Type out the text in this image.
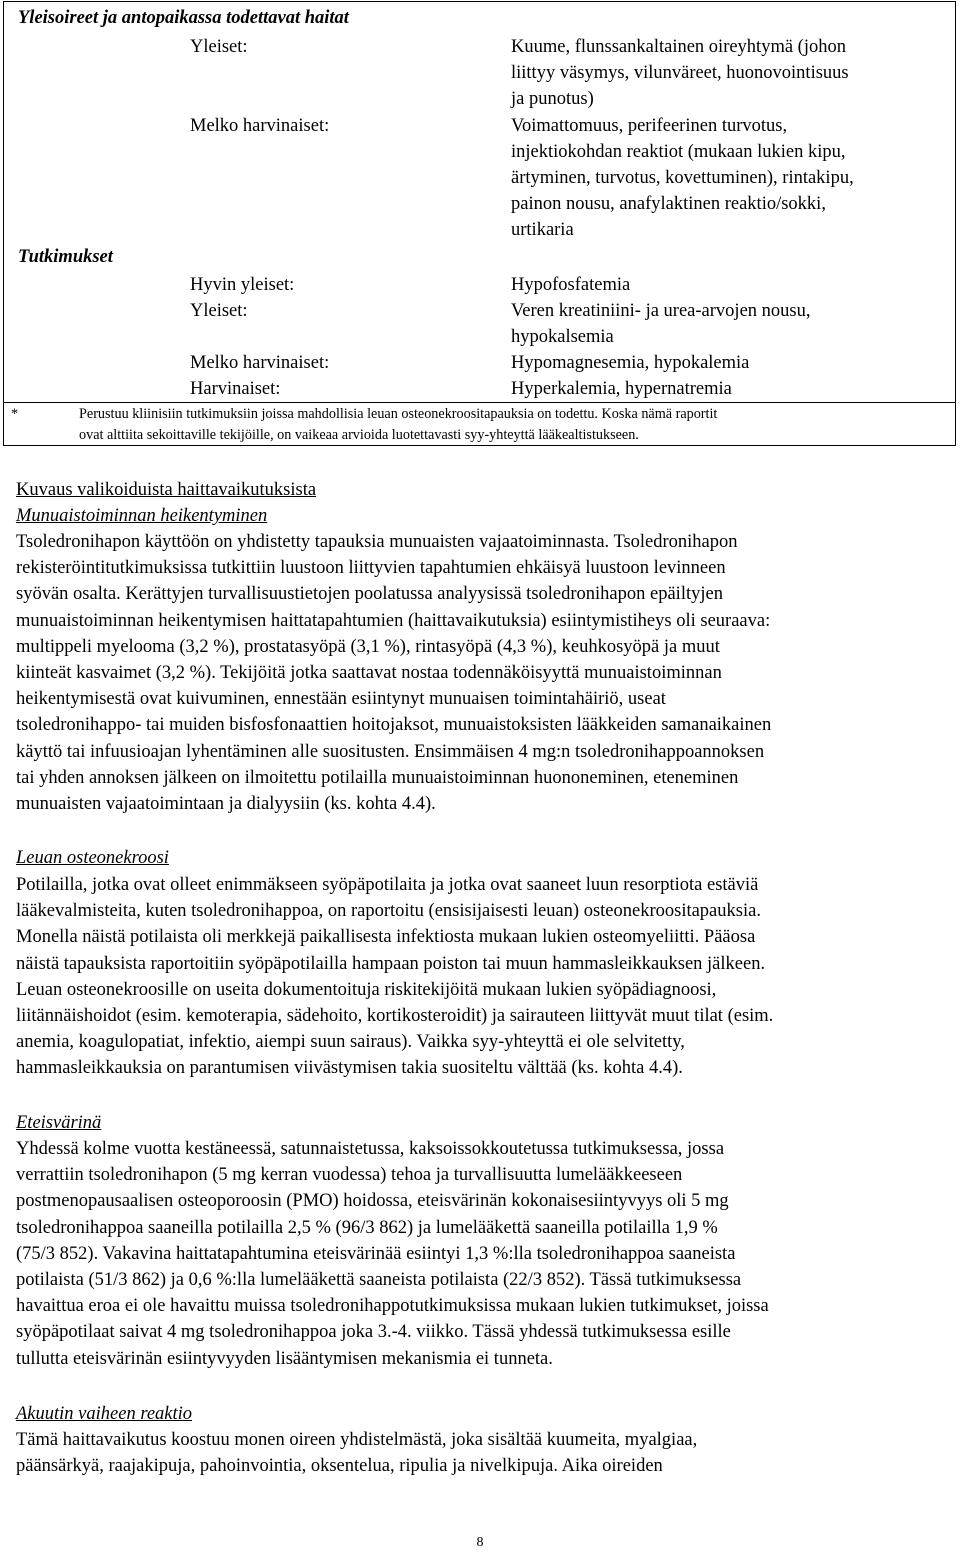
Yleisoireet ja antopaikassa todettavat haitat
Yleiset:	Kuume, flunssankaltainen oireyhtymä (johon
liittyy väsymys, vilunväreet, huonovointisuus
ja punotus)
Melko harvinaiset:	Voimattomuus, perifeerinen turvotus,
injektiokohdan reaktiot (mukaan lukien kipu,
ärtyminen, turvotus, kovettuminen), rintakipu,
painon nousu, anafylaktinen reaktio/sokki,
urtikaria
Tutkimukset
Hyvin yleiset:	Hypofosfatemia
Yleiset:	Veren kreatiniini- ja urea-arvojen nousu,
hypokalsemia
Melko harvinaiset:	Hypomagnesemia, hypokalemia
Harvinaiset:	Hyperkalemia, hypernatremia
*	Perustuu kliinisiin tutkimuksiin joissa mahdollisia leuan osteonekroositapauksia on todettu. Koska nämä raportit
ovat alttiita sekoittaville tekijöille, on vaikeaa arvioida luotettavasti syy-yhteyttä lääkealtistukseen.
Kuvaus valikoiduista haittavaikutuksista
Munuaistoiminnan heikentyminen
Tsoledronihapon käyttöön on yhdistetty tapauksia munuaisten vajaatoiminnasta. Tsoledronihapon
rekisteröintitutkimuksissa tutkittiin luustoon liittyvien tapahtumien ehkäisyä luustoon levinneen
syövän osalta. Kerättyjen turvallisuustietojen poolatussa analyysissä tsoledronihapon epäiltyjen
munuaistoiminnan heikentymisen haittatapahtumien (haittavaikutuksia) esiintymistiheys oli seuraava:
multippeli myelooma (3,2 %), prostatasyöpä (3,1 %), rintasyöpä (4,3 %), keuhkosyöpä ja muut
kiinteät kasvaimet (3,2 %). Tekijöitä jotka saattavat nostaa todennäköisyyttä munuaistoiminnan
heikentymisestä ovat kuivuminen, ennestään esiintynyt munuaisen toimintahäiriö, useat
tsoledronihappo- tai muiden bisfosfonaattien hoitojaksot, munuaistoksisten lääkkeiden samanaikainen
käyttö tai infuusioajan lyhentäminen alle suositusten. Ensimmäisen 4 mg:n tsoledronihappoannoksen
tai yhden annoksen jälkeen on ilmoitettu potilailla munuaistoiminnan huononeminen, eteneminen
munuaisten vajaatoimintaan ja dialyysiin (ks. kohta 4.4).
Leuan osteonekroosi
Potilailla, jotka ovat olleet enimmäkseen syöpäpotilaita ja jotka ovat saaneet luun resorptiota estäviä
lääkevalmisteita, kuten tsoledronihappoa, on raportoitu (ensisijaisesti leuan) osteonekroositapauksia.
Monella näistä potilaista oli merkkejä paikallisesta infektiosta mukaan lukien osteomyeliitti. Pääosa
näistä tapauksista raportoitiin syöpäpotilailla hampaan poiston tai muun hammasleikkauksen jälkeen.
Leuan osteonekroosille on useita dokumentoituja riskitekijöitä mukaan lukien syöpädiagnoosi,
liitännäishoidot (esim. kemoterapia, sädehoito, kortikosteroidit) ja sairauteen liittyvät muut tilat (esim.
anemia, koagulopatiat, infektio, aiempi suun sairaus). Vaikka syy-yhteyttä ei ole selvitetty,
hammasleikkauksia on parantumisen viivästymisen takia suositeltu välttää (ks. kohta 4.4).
Eteisvärinä
Yhdessä kolme vuotta kestäneessä, satunnaistetussa, kaksoissokkoutetussa tutkimuksessa, jossa
verrattiin tsoledronihapon (5 mg kerran vuodessa) tehoa ja turvallisuutta lumelääkkeeseen
postmenopausaalisen osteoporoosin (PMO) hoidossa, eteisvärinän kokonaisesiintyvyys oli 5 mg
tsoledronihappoa saaneilla potilailla 2,5 % (96/3 862) ja lumelääkettä saaneilla potilailla 1,9 %
(75/3 852). Vakavina haittatapahtumina eteisvärinää esiintyi 1,3 %:lla tsoledronihappoa saaneista
potilaista (51/3 862) ja 0,6 %:lla lumelääkettä saaneista potilaista (22/3 852). Tässä tutkimuksessa
havaittua eroa ei ole havaittu muissa tsoledronihappotutkimuksissa mukaan lukien tutkimukset, joissa
syöpäpotilaat saivat 4 mg tsoledronihappoa joka 3.-4. viikko. Tässä yhdessä tutkimuksessa esille
tullutta eteisvärinän esiintyvyyden lisääntymisen mekanismia ei tunneta.
Akuutin vaiheen reaktio
Tämä haittavaikutus koostuu monen oireen yhdistelmästä, joka sisältää kuumeita, myalgiaa,
päänsärkyä, raajakipuja, pahoinvointia, oksentelua, ripulia ja nivelkipuja. Aika oireiden
8
